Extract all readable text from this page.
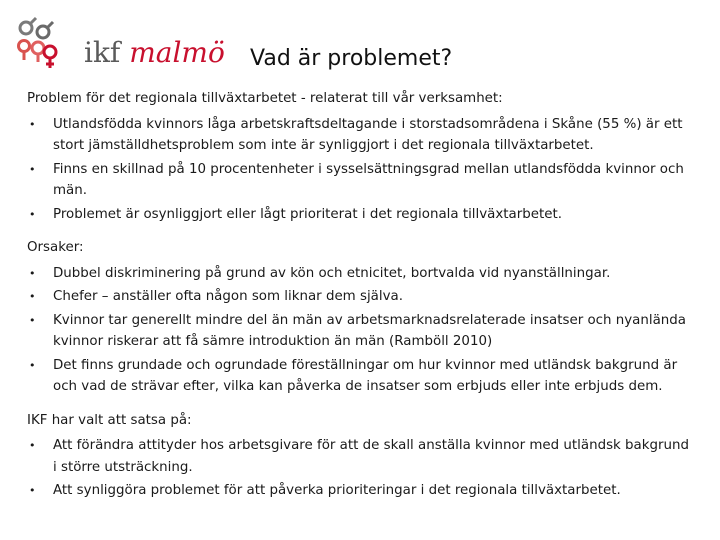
ikf malmö Vad är problemet?

Problem för det regionala tillväxtarbetet - relaterat till vår verksamhet:

• Utlandsfödda kvinnors låga arbetskraftsdeltagande i storstadsområdena i Skåne (55 %) är ett stort jämställdhetsproblem som inte är synliggjort i det regionala tillväxtarbetet.
• Finns en skillnad på 10 procentenheter i sysselsättningsgrad mellan utlandsfödda kvinnor och män.
• Problemet är osynliggjort eller lågt prioriterat i det regionala tillväxtarbetet.

Orsaker:

• Dubbel diskriminering på grund av kön och etnicitet, bortvalda vid nyanställningar.
• Chefer – anställer ofta någon som liknar dem själva.
• Kvinnor tar generellt mindre del än män av arbetsmarknadsrelaterade insatser och nyanlända kvinnor riskerar att få sämre introduktion än män (Ramböll 2010)
• Det finns grundade och ogrundade föreställningar om hur kvinnor med utländsk bakgrund är och vad de strävar efter, vilka kan påverka de insatser som erbjuds eller inte erbjuds dem.

IKF har valt att satsa på:

• Att förändra attityder hos arbetsgivare för att de skall anställa kvinnor med utländsk bakgrund i större utsträckning.
• Att synliggöra problemet för att påverka prioriteringar i det regionala tillväxtarbetet.
